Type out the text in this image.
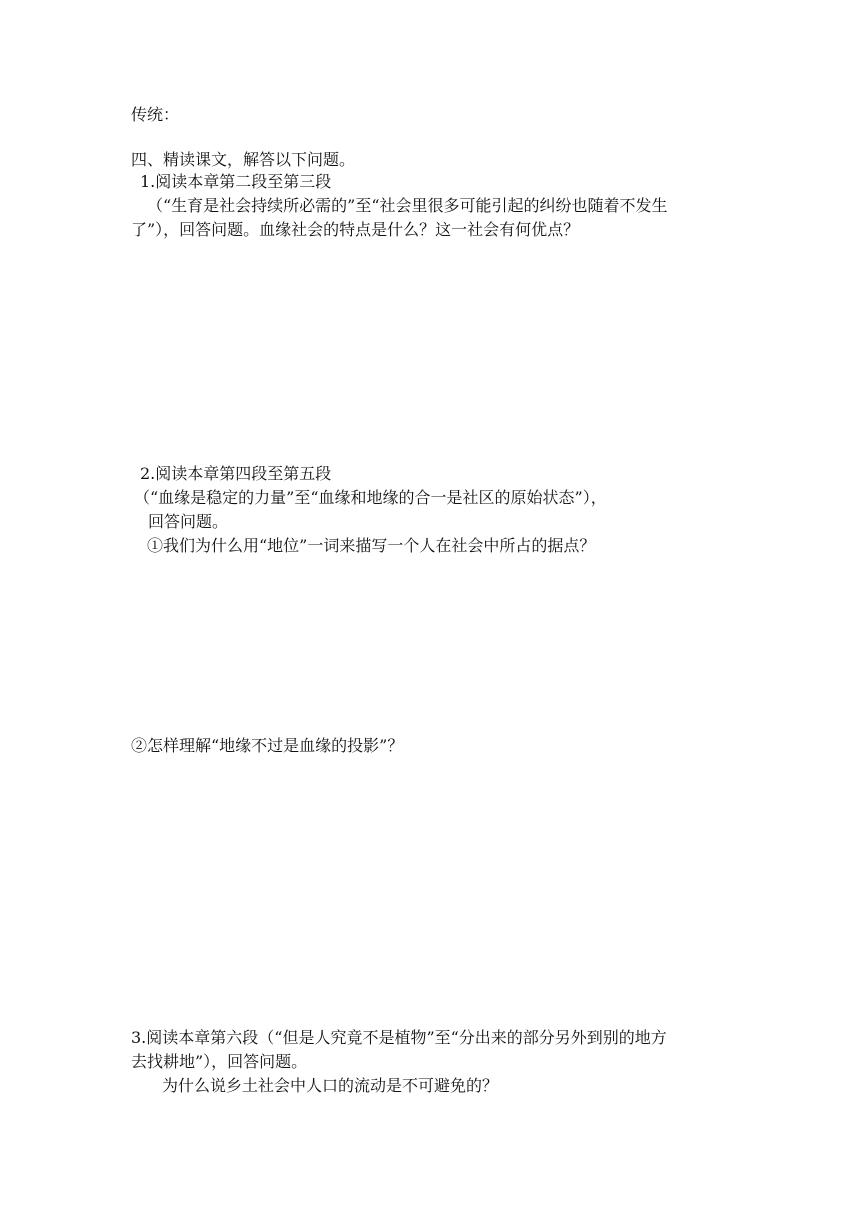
传统：
四、精读课文，解答以下问题。
1.阅读本章第二段至第三段
（“生育是社会持续所必需的”至“社会里很多可能引起的纠纷也随着不发生
了”），回答问题。血缘社会的特点是什么？这一社会有何优点？
2.阅读本章第四段至第五段
（“血缘是稳定的力量”至“血缘和地缘的合一是社区的原始状态”），
回答问题。
①我们为什么用“地位”一词来描写一个人在社会中所占的据点？
②怎样理解“地缘不过是血缘的投影”？
3.阅读本章第六段（“但是人究竟不是植物”至“分出来的部分另外到别的地方
去找耕地”），回答问题。
为什么说乡土社会中人口的流动是不可避免的？
